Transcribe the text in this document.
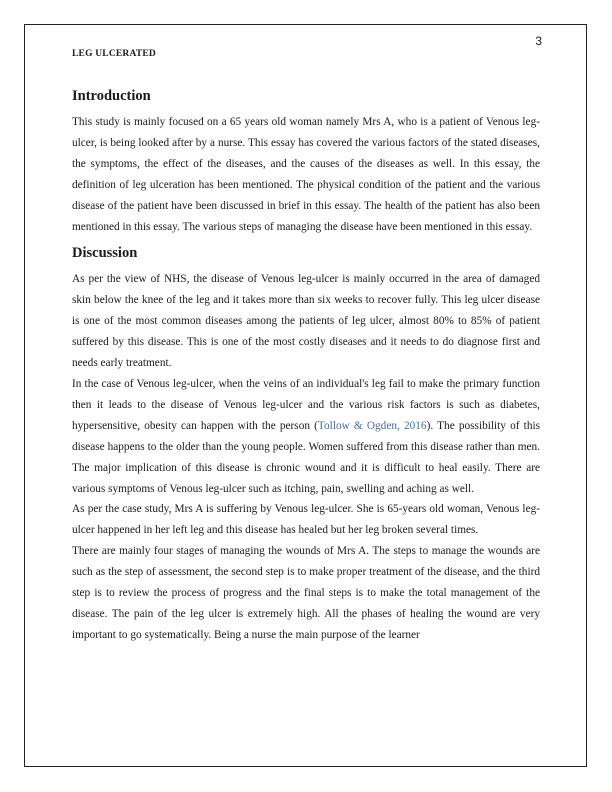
3
LEG ULCERATED
Introduction

This study is mainly focused on a 65 years old woman namely Mrs A, who is a patient of Venous leg-ulcer, is being looked after by a nurse. This essay has covered the various factors of the stated diseases, the symptoms, the effect of the diseases, and the causes of the diseases as well. In this essay, the definition of leg ulceration has been mentioned. The physical condition of the patient and the various disease of the patient have been discussed in brief in this essay. The health of the patient has also been mentioned in this essay. The various steps of managing the disease have been mentioned in this essay.

Discussion

As per the view of NHS, the disease of Venous leg-ulcer is mainly occurred in the area of damaged skin below the knee of the leg and it takes more than six weeks to recover fully. This leg ulcer disease is one of the most common diseases among the patients of leg ulcer, almost 80% to 85% of patient suffered by this disease. This is one of the most costly diseases and it needs to do diagnose first and needs early treatment.

In the case of Venous leg-ulcer, when the veins of an individual's leg fail to make the primary function then it leads to the disease of Venous leg-ulcer and the various risk factors is such as diabetes, hypersensitive, obesity can happen with the person (Tollow & Ogden, 2016). The possibility of this disease happens to the older than the young people. Women suffered from this disease rather than men. The major implication of this disease is chronic wound and it is difficult to heal easily. There are various symptoms of Venous leg-ulcer such as itching, pain, swelling and aching as well.

As per the case study, Mrs A is suffering by Venous leg-ulcer. She is 65-years old woman, Venous leg-ulcer happened in her left leg and this disease has healed but her leg broken several times.

There are mainly four stages of managing the wounds of Mrs A. The steps to manage the wounds are such as the step of assessment, the second step is to make proper treatment of the disease, and the third step is to review the process of progress and the final steps is to make the total management of the disease. The pain of the leg ulcer is extremely high. All the phases of healing the wound are very important to go systematically. Being a nurse the main purpose of the learner
